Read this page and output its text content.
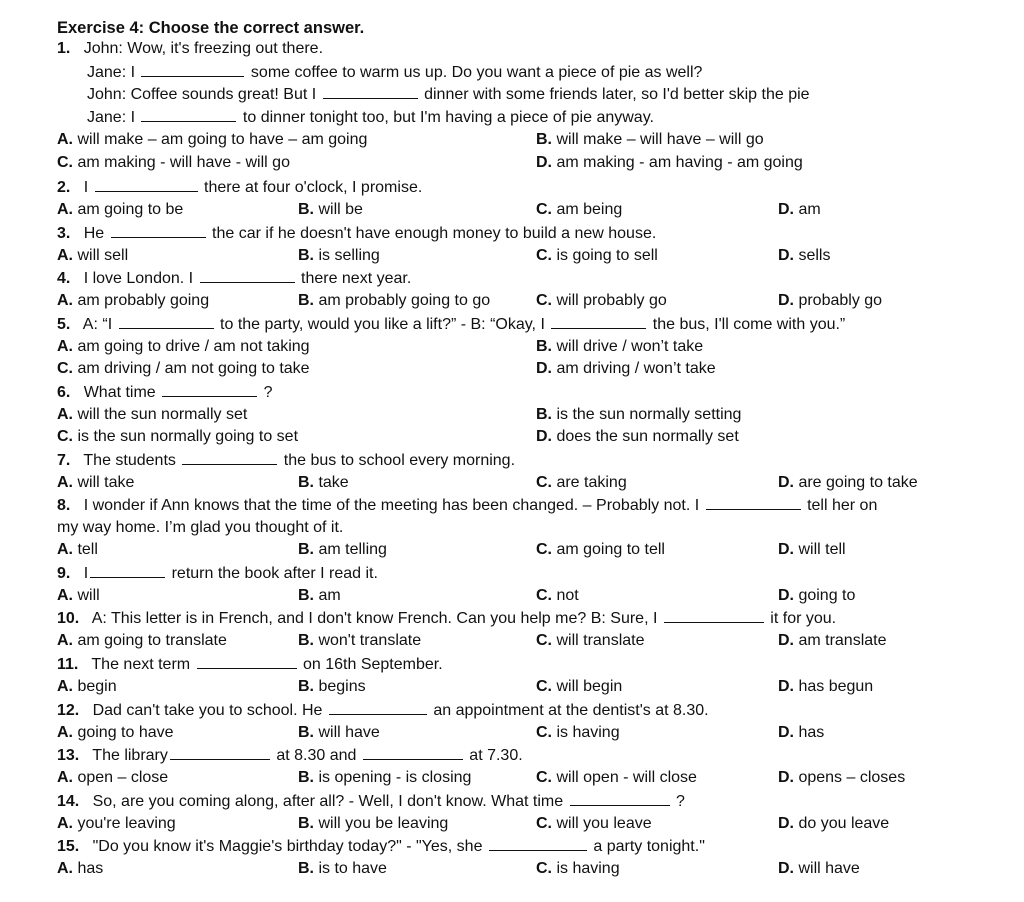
Exercise 4: Choose the correct answer.
1. John: Wow, it's freezing out there.
Jane: I	some coffee to warm us up. Do you want a piece of pie as well?
John: Coffee sounds great! But I	dinner with some friends later, so I'd better skip the pie
Jane: I	to dinner tonight too, but I'm having a piece of pie anyway.
A. will make – am going to have – am going	B. will make – will have – will go
C. am making - will have - will go	D. am making - am having - am going
2. I	there at four o'clock, I promise.
A. am going to be	B. will be	C. am being	D. am
3. He	the car if he doesn't have enough money to build a new house.
A. will sell	B. is selling	C. is going to sell	D. sells
4. I love London. I	there next year.
A. am probably going	B. am probably going to go	C. will probably go	D. probably go
5. A: “I	to the party, would you like a lift?” - B: “Okay, I	the bus, I'll come with you.”
A. am going to drive / am not taking	B. will drive / won’t take
C. am driving / am not going to take	D. am driving / won’t take
6. What time	?
A. will the sun normally set	B. is the sun normally setting
C. is the sun normally going to set	D. does the sun normally set
7. The students	the bus to school every morning.
A. will take	B. take	C. are taking	D. are going to take
8. I wonder if Ann knows that the time of the meeting has been changed. – Probably not. I	tell her on
my way home. I’m glad you thought of it.
A. tell	B. am telling	C. am going to tell	D. will tell
9. I	return the book after I read it.
A. will	B. am	C. not	D. going to
10. A: This letter is in French, and I don't know French. Can you help me? B: Sure, I	it for you.
A. am going to translate	B. won't translate	C. will translate	D. am translate
11. The next term	on 16th September.
A. begin	B. begins	C. will begin	D. has begun
12. Dad can't take you to school. He	an appointment at the dentist's at 8.30.
A. going to have	B. will have	C. is having	D. has
13. The library	at 8.30 and	at 7.30.
A. open – close	B. is opening - is closing	C. will open - will close	D. opens – closes
14. So, are you coming along, after all? - Well, I don't know. What time	?
A. you're leaving	B. will you be leaving	C. will you leave	D. do you leave
15. "Do you know it's Maggie's birthday today?" - "Yes, she	a party tonight."
A. has	B. is to have	C. is having	D. will have
